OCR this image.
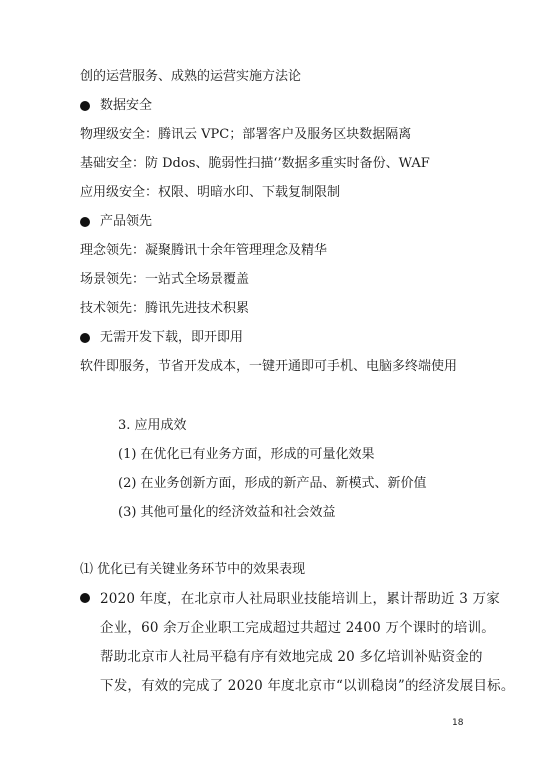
创的运营服务、成熟的运营实施方法论
数据安全
物理级安全：腾讯云 VPC；部署客户及服务区块数据隔离
基础安全：防 Ddos、脆弱性扫描‘’数据多重实时备份、WAF
应用级安全：权限、明暗水印、下载复制限制
产品领先
理念领先：凝聚腾讯十余年管理理念及精华
场景领先：一站式全场景覆盖
技术领先：腾讯先进技术积累
无需开发下载，即开即用
软件即服务，节省开发成本，一键开通即可手机、电脑多终端使用
3. 应用成效
(1) 在优化已有业务方面，形成的可量化效果
(2) 在业务创新方面，形成的新产品、新模式、新价值
(3) 其他可量化的经济效益和社会效益
⑴ 优化已有关键业务环节中的效果表现
2020 年度，在北京市人社局职业技能培训上，累计帮助近 3 万家
企业，60 余万企业职工完成超过共超过 2400 万个课时的培训。
帮助北京市人社局平稳有序有效地完成 20 多亿培训补贴资金的
下发，有效的完成了 2020 年度北京市“以训稳岗”的经济发展目标。
18
